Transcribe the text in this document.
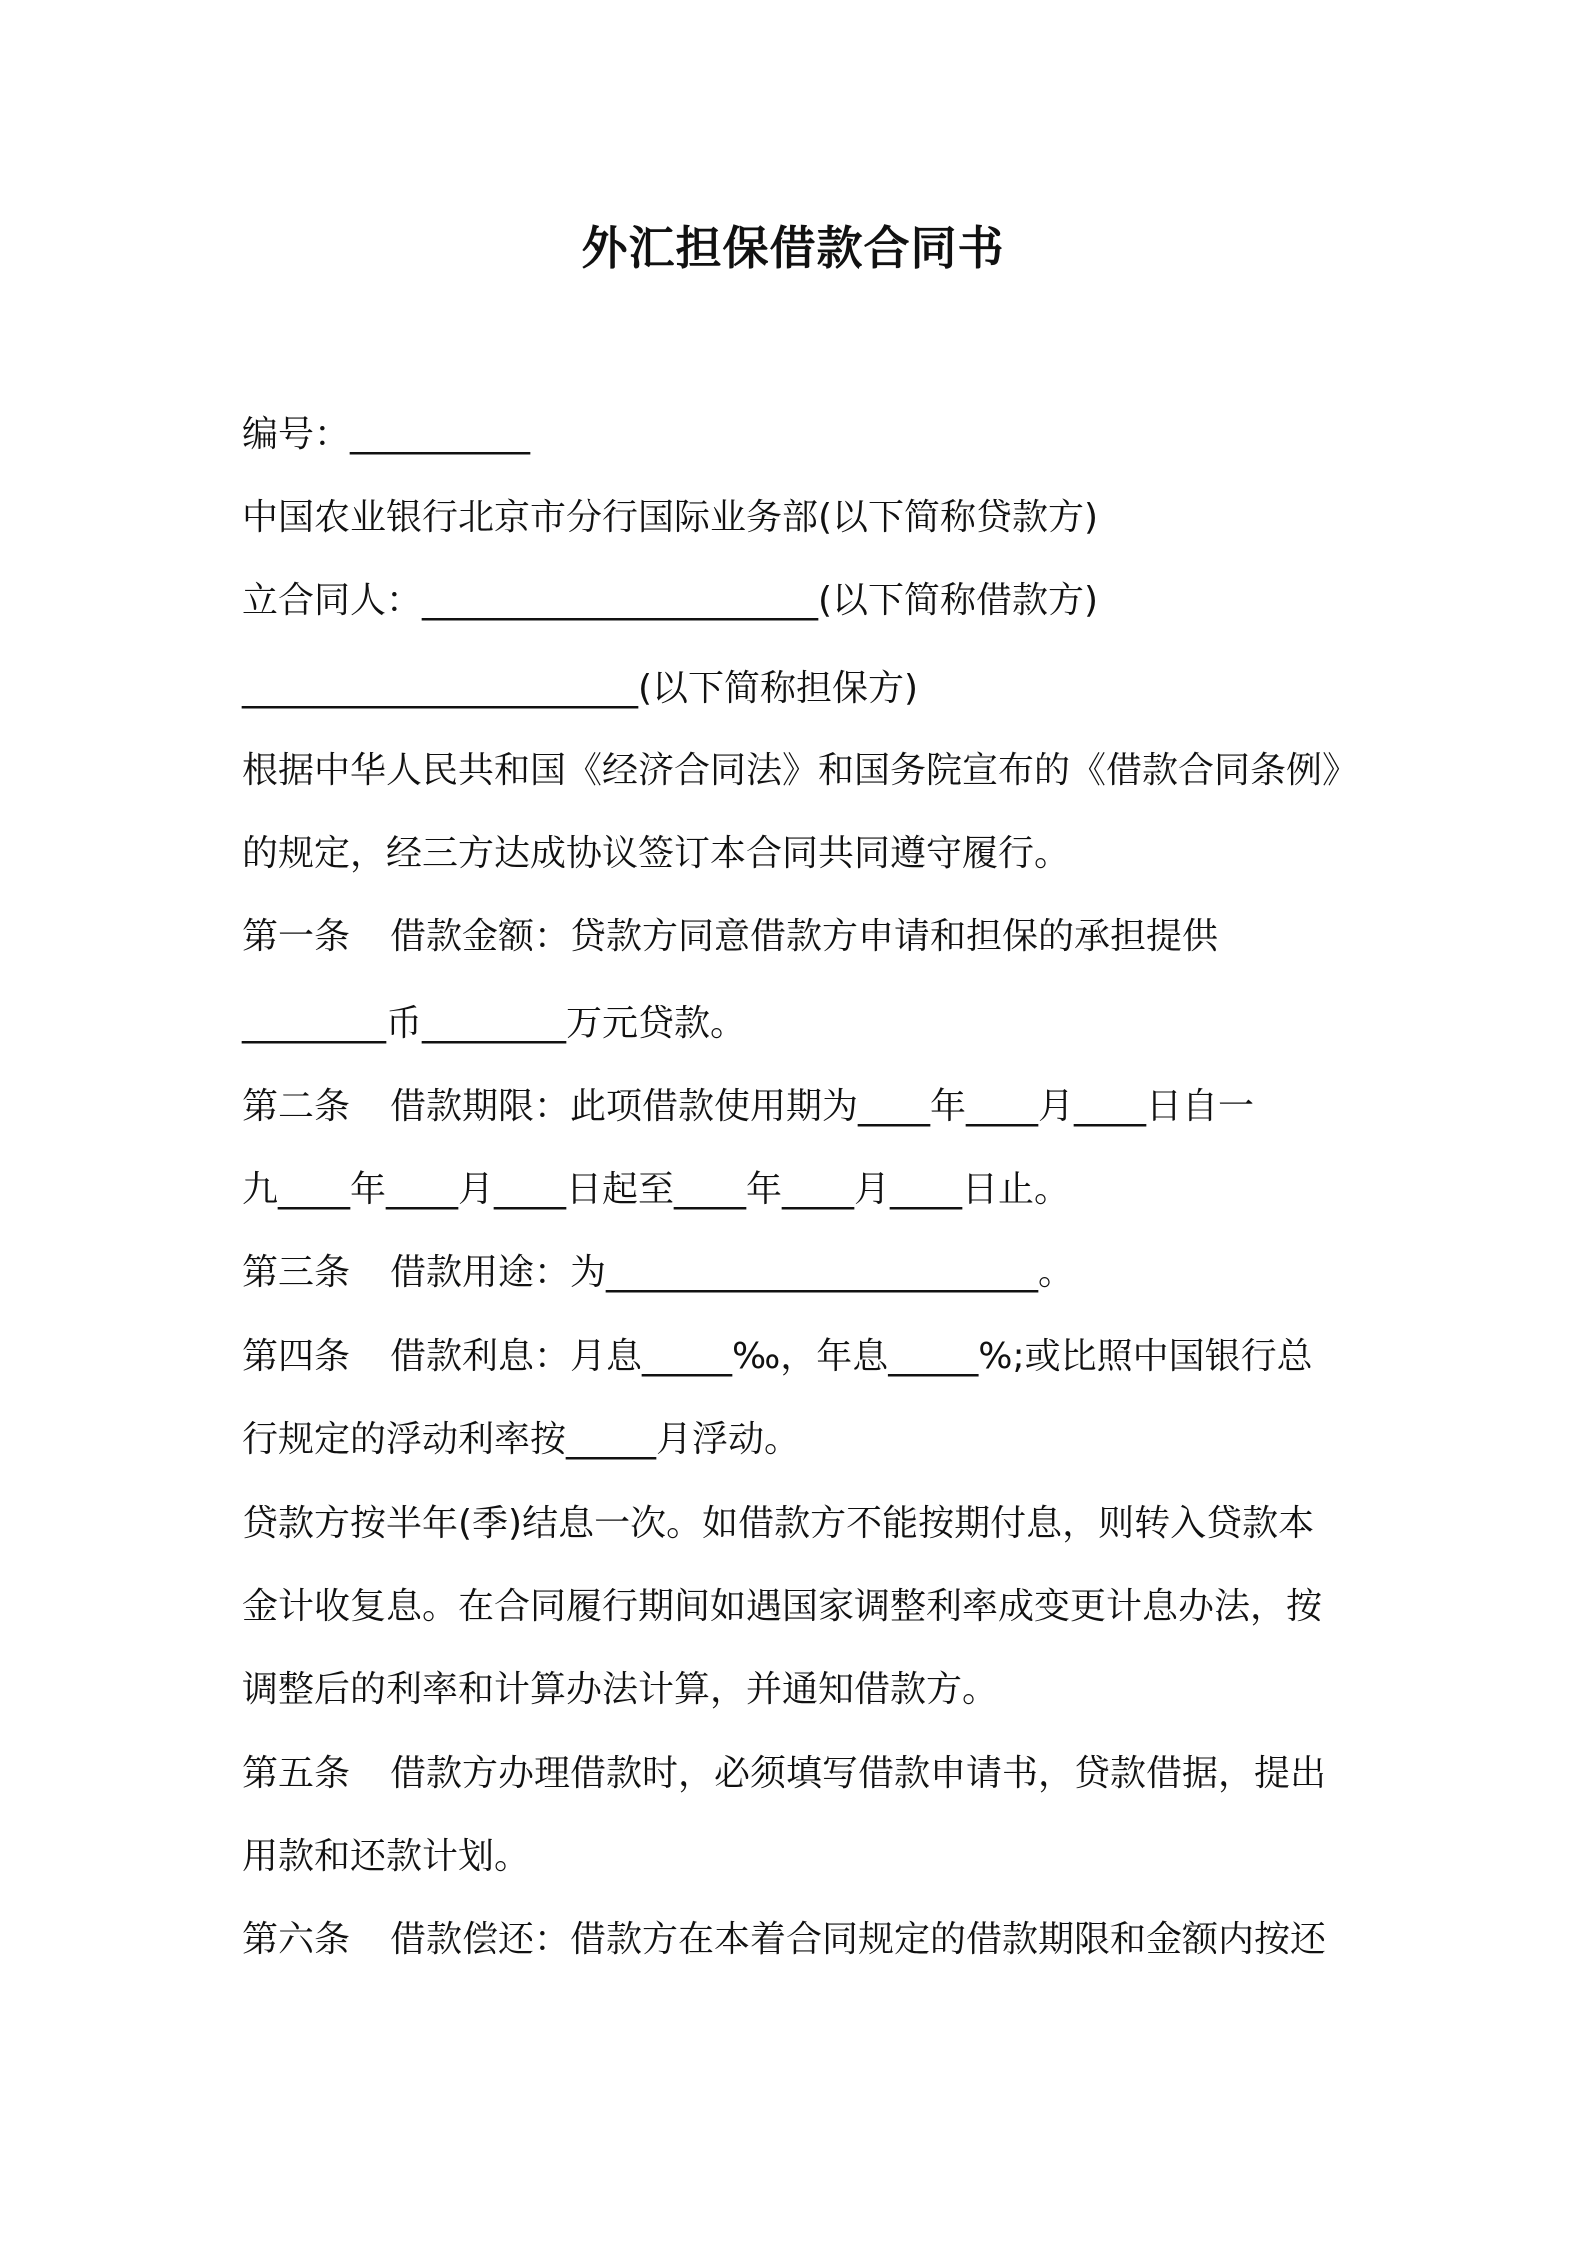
外汇担保借款合同书
编号：__________
中国农业银行北京市分行国际业务部(以下简称贷款方)
立合同人：______________________(以下简称借款方)
______________________(以下简称担保方)
根据中华人民共和国《经济合同法》和国务院宣布的《借款合同条例》
的规定，经三方达成协议签订本合同共同遵守履行。
第一条 借款金额：贷款方同意借款方申请和担保的承担提供
________币________万元贷款。
第二条 借款期限：此项借款使用期为____年____月____日自一
九____年____月____日起至____年____月____日止。
第三条 借款用途：为________________________。
第四条 借款利息：月息_____‰，年息_____%;或比照中国银行总
行规定的浮动利率按_____月浮动。
贷款方按半年(季)结息一次。如借款方不能按期付息，则转入贷款本
金计收复息。在合同履行期间如遇国家调整利率成变更计息办法，按
调整后的利率和计算办法计算，并通知借款方。
第五条 借款方办理借款时，必须填写借款申请书，贷款借据，提出
用款和还款计划。
第六条 借款偿还：借款方在本着合同规定的借款期限和金额内按还
